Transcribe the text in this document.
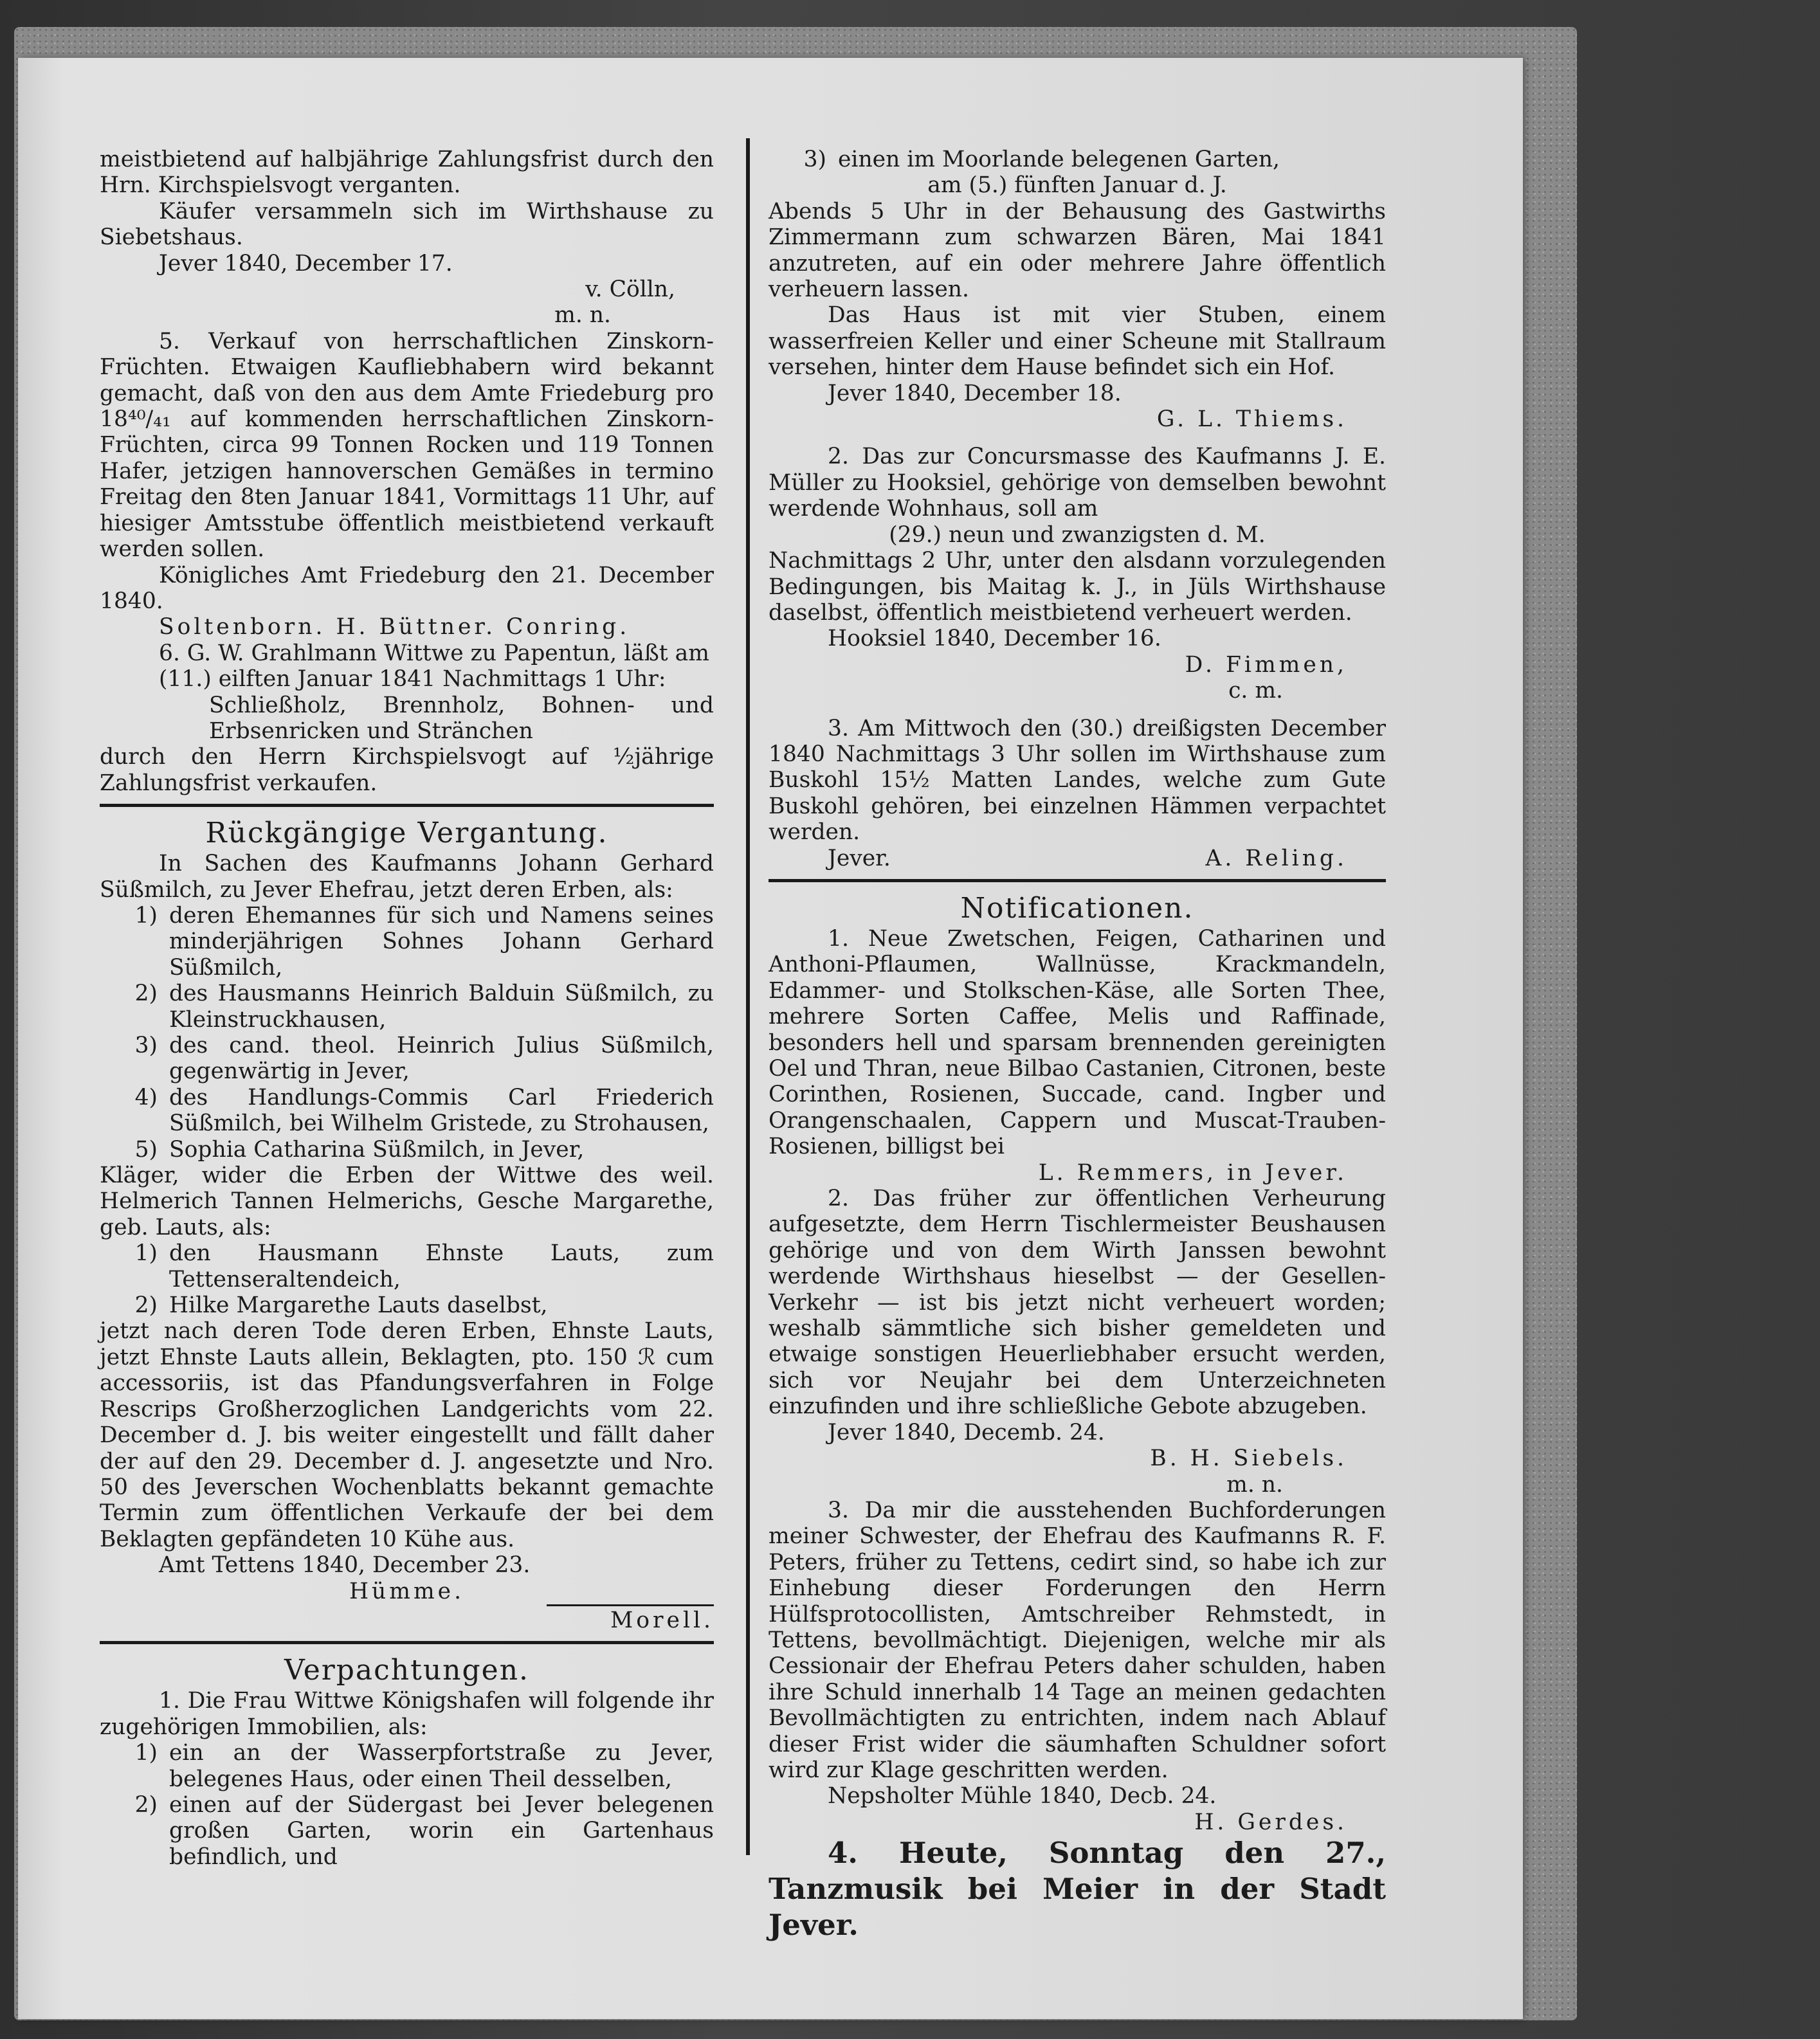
meistbietend auf halbjährige Zahlungsfrist durch den Hrn. Kirchspielsvogt verganten.

Käufer versammeln sich im Wirthshause zu Siebetshaus.

Jever 1840, December 17.

v. Cölln,

m. n.

5. Verkauf von herrschaftlichen Zinskorn-Früchten. Etwaigen Kaufliebhabern wird bekannt gemacht, daß von den aus dem Amte Friedeburg pro 18⁴⁰/₄₁ auf kommenden herrschaftlichen Zinskorn-Früchten, circa 99 Tonnen Rocken und 119 Tonnen Hafer, jetzigen hannoverschen Gemäßes in termino Freitag den 8ten Januar 1841, Vormittags 11 Uhr, auf hiesiger Amtsstube öffentlich meistbietend verkauft werden sollen.

Königliches Amt Friedeburg den 21. December 1840.

Soltenborn. H. Büttner. Conring.

6. G. W. Grahlmann Wittwe zu Papentun, läßt am

(11.) eilften Januar 1841 Nachmittags 1 Uhr:

Schließholz, Brennholz, Bohnen- und Erbsenricken und Stränchen

durch den Herrn Kirchspielsvogt auf ½jährige Zahlungsfrist verkaufen.

Rückgängige Vergantung.

In Sachen des Kaufmanns Johann Gerhard Süßmilch, zu Jever Ehefrau, jetzt deren Erben, als:

1) deren Ehemannes für sich und Namens seines minderjährigen Sohnes Johann Gerhard Süßmilch,
2) des Hausmanns Heinrich Balduin Süßmilch, zu Kleinstruckhausen,
3) des cand. theol. Heinrich Julius Süßmilch, gegenwärtig in Jever,
4) des Handlungs-Commis Carl Friederich Süßmilch, bei Wilhelm Gristede, zu Strohausen,
5) Sophia Catharina Süßmilch, in Jever,

Kläger, wider die Erben der Wittwe des weil. Helmerich Tannen Helmerichs, Gesche Margarethe, geb. Lauts, als:

1) den Hausmann Ehnste Lauts, zum Tettenseraltendeich,
2) Hilke Margarethe Lauts daselbst,

jetzt nach deren Tode deren Erben, Ehnste Lauts, jetzt Ehnste Lauts allein, Beklagten, pto. 150 ℛ cum accessoriis, ist das Pfandungsverfahren in Folge Rescrips Großherzoglichen Landgerichts vom 22. December d. J. bis weiter eingestellt und fällt daher der auf den 29. December d. J. angesetzte und Nro. 50 des Jeverschen Wochenblatts bekannt gemachte Termin zum öffentlichen Verkaufe der bei dem Beklagten gepfändeten 10 Kühe aus.

Amt Tettens 1840, December 23.

Hümme.

Morell.

Verpachtungen.

1. Die Frau Wittwe Königshafen will folgende ihr zugehörigen Immobilien, als:

1) ein an der Wasserpfortstraße zu Jever, belegenes Haus, oder einen Theil desselben,
2) einen auf der Südergast bei Jever belegenen großen Garten, worin ein Gartenhaus befindlich, und
3) einen im Moorlande belegenen Garten,

am (5.) fünften Januar d. J.

Abends 5 Uhr in der Behausung des Gastwirths Zimmermann zum schwarzen Bären, Mai 1841 anzutreten, auf ein oder mehrere Jahre öffentlich verheuern lassen.

Das Haus ist mit vier Stuben, einem wasserfreien Keller und einer Scheune mit Stallraum versehen, hinter dem Hause befindet sich ein Hof.

Jever 1840, December 18.

G. L. Thiems.

2. Das zur Concursmasse des Kaufmanns J. E. Müller zu Hooksiel, gehörige von demselben bewohnt werdende Wohnhaus, soll am

(29.) neun und zwanzigsten d. M.

Nachmittags 2 Uhr, unter den alsdann vorzulegenden Bedingungen, bis Maitag k. J., in Jüls Wirthshause daselbst, öffentlich meistbietend verheuert werden.

Hooksiel 1840, December 16.

D. Fimmen,

c. m.

3. Am Mittwoch den (30.) dreißigsten December 1840 Nachmittags 3 Uhr sollen im Wirthshause zum Buskohl 15½ Matten Landes, welche zum Gute Buskohl gehören, bei einzelnen Hämmen verpachtet werden.

Jever.	A. Reling.

Notificationen.

1. Neue Zwetschen, Feigen, Catharinen und Anthoni-Pflaumen, Wallnüsse, Krackmandeln, Edammer- und Stolkschen-Käse, alle Sorten Thee, mehrere Sorten Caffee, Melis und Raffinade, besonders hell und sparsam brennenden gereinigten Oel und Thran, neue Bilbao Castanien, Citronen, beste Corinthen, Rosienen, Succade, cand. Ingber und Orangenschaalen, Cappern und Muscat-Trauben-Rosienen, billigst bei

L. Remmers, in Jever.

2. Das früher zur öffentlichen Verheurung aufgesetzte, dem Herrn Tischlermeister Beushausen gehörige und von dem Wirth Janssen bewohnt werdende Wirthshaus hieselbst — der Gesellen-Verkehr — ist bis jetzt nicht verheuert worden; weshalb sämmtliche sich bisher gemeldeten und etwaige sonstigen Heuerliebhaber ersucht werden, sich vor Neujahr bei dem Unterzeichneten einzufinden und ihre schließliche Gebote abzugeben.

Jever 1840, Decemb. 24.

B. H. Siebels.

m. n.

3. Da mir die ausstehenden Buchforderungen meiner Schwester, der Ehefrau des Kaufmanns R. F. Peters, früher zu Tettens, cedirt sind, so habe ich zur Einhebung dieser Forderungen den Herrn Hülfsprotocollisten, Amtschreiber Rehmstedt, in Tettens, bevollmächtigt. Diejenigen, welche mir als Cessionair der Ehefrau Peters daher schulden, haben ihre Schuld innerhalb 14 Tage an meinen gedachten Bevollmächtigten zu entrichten, indem nach Ablauf dieser Frist wider die säumhaften Schuldner sofort wird zur Klage geschritten werden.

Nepsholter Mühle 1840, Decb. 24.

H. Gerdes.

4. Heute, Sonntag den 27., Tanzmusik bei Meier in der Stadt Jever.
